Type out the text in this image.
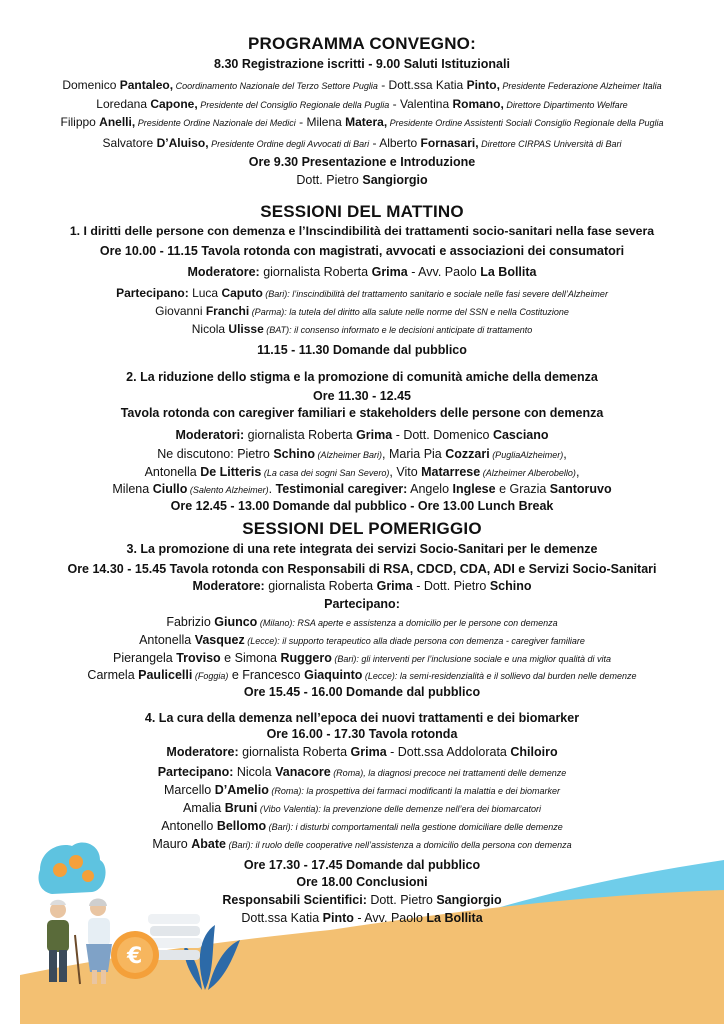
€
PROGRAMMA CONVEGNO:
8.30 Registrazione iscritti - 9.00 Saluti Istituzionali
Domenico Pantaleo, Coordinamento Nazionale del Terzo Settore Puglia - Dott.ssa Katia Pinto, Presidente Federazione Alzheimer Italia
Loredana Capone, Presidente del Consiglio Regionale della Puglia - Valentina Romano, Direttore Dipartimento Welfare
Filippo Anelli, Presidente Ordine Nazionale dei Medici - Milena Matera, Presidente Ordine Assistenti Sociali Consiglio Regionale della Puglia
Salvatore D’Aluiso, Presidente Ordine degli Avvocati di Bari - Alberto Fornasari, Direttore CIRPAS Università di Bari
Ore 9.30 Presentazione e Introduzione
Dott. Pietro Sangiorgio
SESSIONI DEL MATTINO
1. I diritti delle persone con demenza e l’Inscindibilità dei trattamenti socio-sanitari nella fase severa
Ore 10.00 - 11.15 Tavola rotonda con magistrati, avvocati e associazioni dei consumatori
Moderatore: giornalista Roberta Grima - Avv. Paolo La Bollita
Partecipano: Luca Caputo (Bari): l’inscindibilità del trattamento sanitario e sociale nelle fasi severe dell’Alzheimer
Giovanni Franchi (Parma): la tutela del diritto alla salute nelle norme del SSN e nella Costituzione
Nicola Ulisse (BAT): il consenso informato e le decisioni anticipate di trattamento
11.15 - 11.30 Domande dal pubblico
2. La riduzione dello stigma e la promozione di comunità amiche della demenza
Ore 11.30 - 12.45
Tavola rotonda con caregiver familiari e stakeholders delle persone con demenza
Moderatori: giornalista Roberta Grima - Dott. Domenico Casciano
Ne discutono: Pietro Schino (Alzheimer Bari), Maria Pia Cozzari (PugliaAlzheimer),
Antonella De Litteris (La casa dei sogni San Severo), Vito Matarrese (Alzheimer Alberobello),
Milena Ciullo (Salento Alzheimer). Testimonial caregiver: Angelo Inglese e Grazia Santoruvo
Ore 12.45 - 13.00 Domande dal pubblico - Ore 13.00 Lunch Break
SESSIONI DEL POMERIGGIO
3. La promozione di una rete integrata dei servizi Socio-Sanitari per le demenze
Ore 14.30 - 15.45 Tavola rotonda con Responsabili di RSA, CDCD, CDA, ADI e Servizi Socio-Sanitari
Moderatore: giornalista Roberta Grima - Dott. Pietro Schino
Partecipano:
Fabrizio Giunco (Milano): RSA aperte e assistenza a domicilio per le persone con demenza
Antonella Vasquez (Lecce): il supporto terapeutico alla diade persona con demenza - caregiver familiare
Pierangela Troviso e Simona Ruggero (Bari): gli interventi per l’inclusione sociale e una miglior qualità di vita
Carmela Paulicelli (Foggia) e Francesco Giaquinto (Lecce): la semi-residenzialità e il sollievo dal burden nelle demenze
Ore 15.45 - 16.00 Domande dal pubblico
4. La cura della demenza nell’epoca dei nuovi trattamenti e dei biomarker
Ore 16.00 - 17.30 Tavola rotonda
Moderatore: giornalista Roberta Grima - Dott.ssa Addolorata Chiloiro
Partecipano: Nicola Vanacore (Roma), la diagnosi precoce nei trattamenti delle demenze
Marcello D’Amelio (Roma): la prospettiva dei farmaci modificanti la malattia e dei biomarker
Amalia Bruni (Vibo Valentia): la prevenzione delle demenze nell’era dei biomarcatori
Antonello Bellomo (Bari): i disturbi comportamentali nella gestione domiciliare delle demenze
Mauro Abate (Bari): il ruolo delle cooperative nell’assistenza a domicilio della persona con demenza
Ore 17.30 - 17.45 Domande dal pubblico
Ore 18.00 Conclusioni
Responsabili Scientifici: Dott. Pietro Sangiorgio
Dott.ssa Katia Pinto - Avv. Paolo La Bollita
